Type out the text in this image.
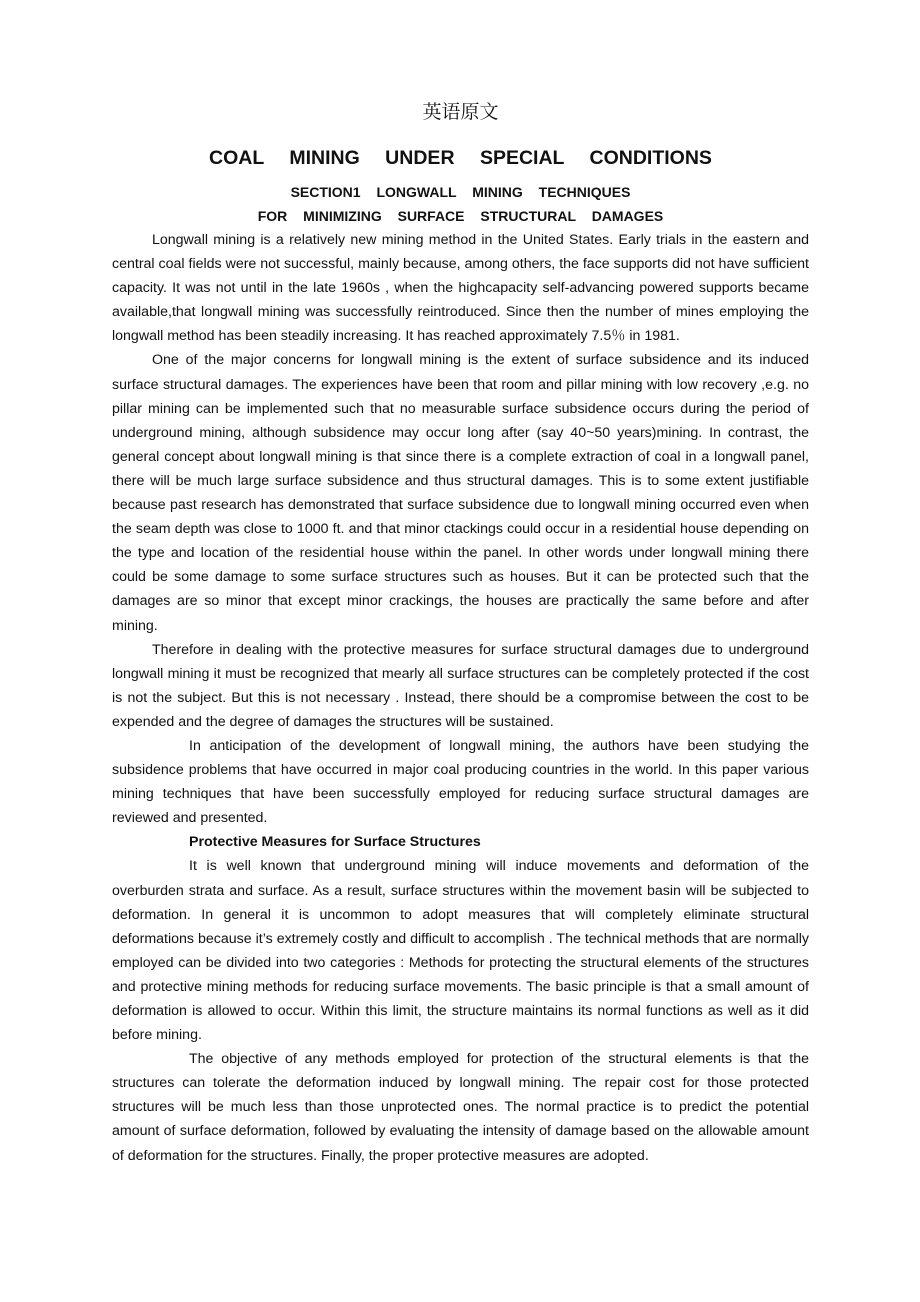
英语原文
COAL MINING UNDER SPECIAL CONDITIONS
SECTION1 LONGWALL MINING TECHNIQUES
FOR MINIMIZING SURFACE STRUCTURAL DAMAGES

Longwall mining is a relatively new mining method in the United States. Early trials in the eastern and central coal fields were not successful, mainly because, among others, the face supports did not have sufficient capacity. It was not until in the late 1960s , when the highcapacity self-advancing powered supports became available,that longwall mining was successfully reintroduced. Since then the number of mines employing the longwall method has been steadily increasing. It has reached approximately 7.5％ in 1981.

One of the major concerns for longwall mining is the extent of surface subsidence and its induced surface structural damages. The experiences have been that room and pillar mining with low recovery ,e.g. no pillar mining can be implemented such that no measurable surface subsidence occurs during the period of underground mining, although subsidence may occur long after (say 40~50 years)mining. In contrast, the general concept about longwall mining is that since there is a complete extraction of coal in a longwall panel, there will be much large surface subsidence and thus structural damages. This is to some extent justifiable because past research has demonstrated that surface subsidence due to longwall mining occurred even when the seam depth was close to 1000 ft. and that minor ctackings could occur in a residential house depending on the type and location of the residential house within the panel. In other words under longwall mining there could be some damage to some surface structures such as houses. But it can be protected such that the damages are so minor that except minor crackings, the houses are practically the same before and after mining.

Therefore in dealing with the protective measures for surface structural damages due to underground longwall mining it must be recognized that mearly all surface structures can be completely protected if the cost is not the subject. But this is not necessary . Instead, there should be a compromise between the cost to be expended and the degree of damages the structures will be sustained.

In anticipation of the development of longwall mining, the authors have been studying the subsidence problems that have occurred in major coal producing countries in the world. In this paper various mining techniques that have been successfully employed for reducing surface structural damages are reviewed and presented.

Protective Measures for Surface Structures

It is well known that underground mining will induce movements and deformation of the overburden strata and surface. As a result, surface structures within the movement basin will be subjected to deformation. In general it is uncommon to adopt measures that will completely eliminate structural deformations because it’s extremely costly and difficult to accomplish . The technical methods that are normally employed can be divided into two categories : Methods for protecting the structural elements of the structures and protective mining methods for reducing surface movements. The basic principle is that a small amount of deformation is allowed to occur. Within this limit, the structure maintains its normal functions as well as it did before mining.

The objective of any methods employed for protection of the structural elements is that the structures can tolerate the deformation induced by longwall mining. The repair cost for those protected structures will be much less than those unprotected ones. The normal practice is to predict the potential amount of surface deformation, followed by evaluating the intensity of damage based on the allowable amount of deformation for the structures. Finally, the proper protective measures are adopted.
